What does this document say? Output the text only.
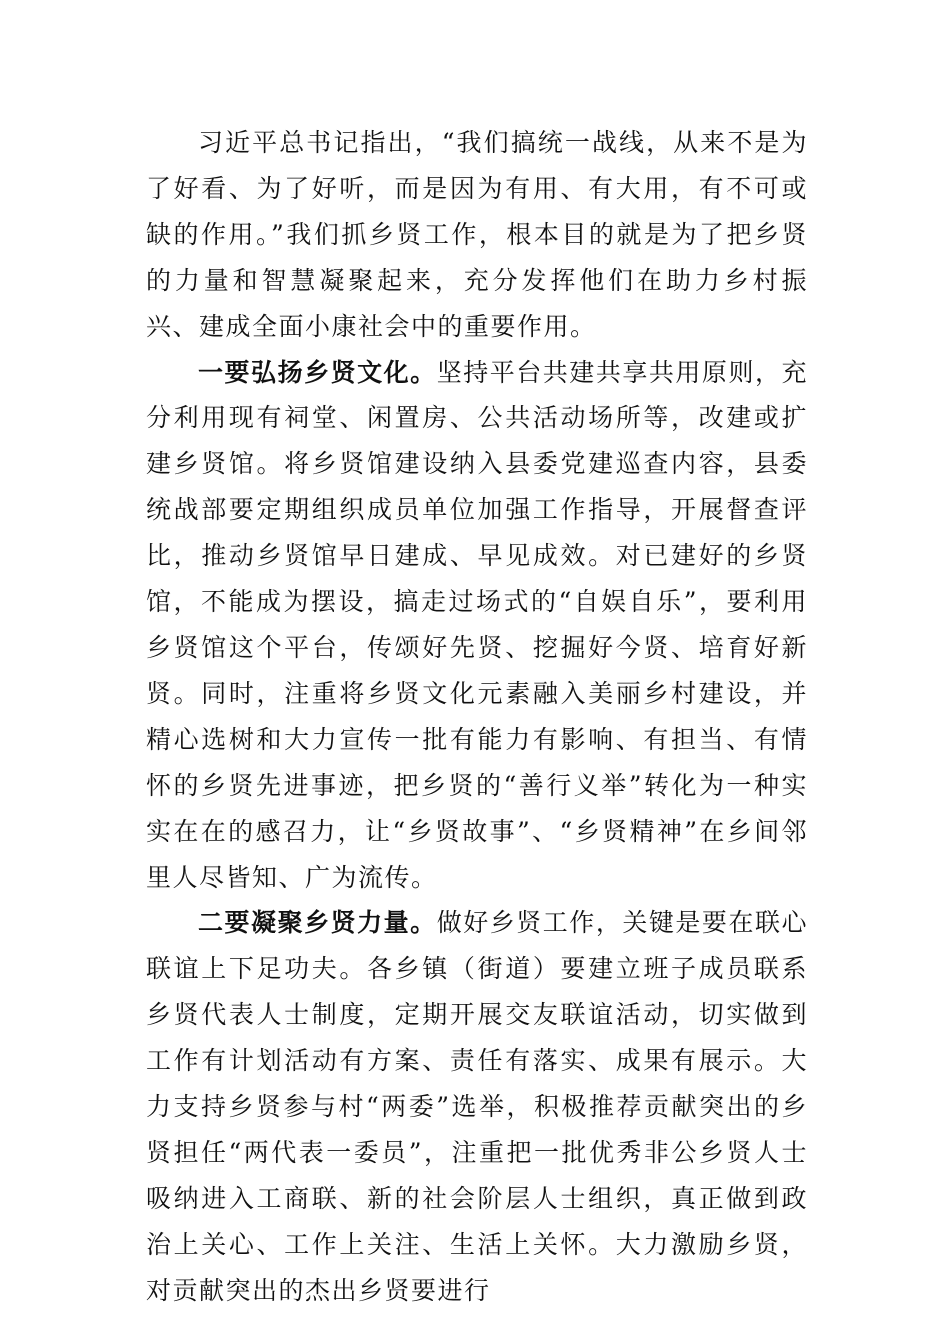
习近平总书记指出，“我们搞统一战线，从来不是为了好看、为了好听，而是因为有用、有大用，有不可或缺的作用。”我们抓乡贤工作，根本目的就是为了把乡贤的力量和智慧凝聚起来，充分发挥他们在助力乡村振兴、建成全面小康社会中的重要作用。

一要弘扬乡贤文化。坚持平台共建共享共用原则，充分利用现有祠堂、闲置房、公共活动场所等，改建或扩建乡贤馆。将乡贤馆建设纳入县委党建巡查内容，县委统战部要定期组织成员单位加强工作指导，开展督查评比，推动乡贤馆早日建成、早见成效。对已建好的乡贤馆，不能成为摆设，搞走过场式的“自娱自乐”，要利用乡贤馆这个平台，传颂好先贤、挖掘好今贤、培育好新贤。同时，注重将乡贤文化元素融入美丽乡村建设，并精心选树和大力宣传一批有能力有影响、有担当、有情怀的乡贤先进事迹，把乡贤的“善行义举”转化为一种实实在在的感召力，让“乡贤故事”、“乡贤精神”在乡间邻里人尽皆知、广为流传。

二要凝聚乡贤力量。做好乡贤工作，关键是要在联心联谊上下足功夫。各乡镇（街道）要建立班子成员联系乡贤代表人士制度，定期开展交友联谊活动，切实做到工作有计划活动有方案、责任有落实、成果有展示。大力支持乡贤参与村“两委”选举，积极推荐贡献突出的乡贤担任“两代表一委员”，注重把一批优秀非公乡贤人士吸纳进入工商联、新的社会阶层人士组织，真正做到政治上关心、工作上关注、生活上关怀。大力激励乡贤，对贡献突出的杰出乡贤要进行
